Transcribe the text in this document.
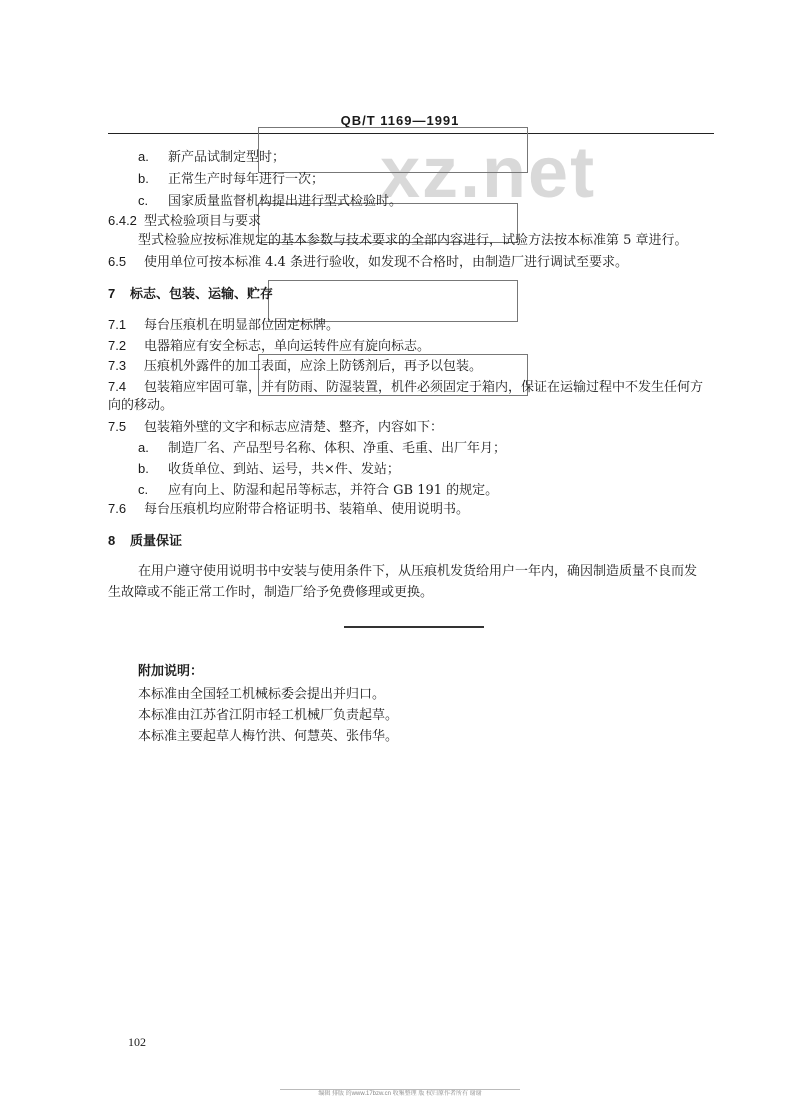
QB/T 1169—1991
xz.net
a. 新产品试制定型时；
b. 正常生产时每年进行一次；
c. 国家质量监督机构提出进行型式检验时。
6.4.2 型式检验项目与要求
型式检验应按标准规定的基本参数与技术要求的全部内容进行，试验方法按本标准第 5 章进行。
6.5 使用单位可按本标准 4.4 条进行验收，如发现不合格时，由制造厂进行调试至要求。
7 标志、包装、运输、贮存
7.1 每台压痕机在明显部位固定标牌。
7.2 电器箱应有安全标志，单向运转件应有旋向标志。
7.3 压痕机外露件的加工表面，应涂上防锈剂后，再予以包装。
7.4 包装箱应牢固可靠，并有防雨、防湿装置，机件必须固定于箱内，保证在运输过程中不发生任何方
向的移动。
7.5 包装箱外壁的文字和标志应清楚、整齐，内容如下：
a. 制造厂名、产品型号名称、体积、净重、毛重、出厂年月；
b. 收货单位、到站、运号，共×件、发站；
c. 应有向上、防湿和起吊等标志，并符合 GB 191 的规定。
7.6 每台压痕机均应附带合格证明书、装箱单、使用说明书。
8 质量保证
在用户遵守使用说明书中安装与使用条件下，从压痕机发货给用户一年内，确因制造质量不良而发
生故障或不能正常工作时，制造厂给予免费修理或更换。
附加说明：
本标准由全国轻工机械标委会提出并归口。
本标准由江苏省江阴市轻工机械厂负责起草。
本标准主要起草人梅竹洪、何慧英、张伟华。
102
编辑 排版 的www.17bzw.cn 收集整理 版 权归原作者所有 谢谢
